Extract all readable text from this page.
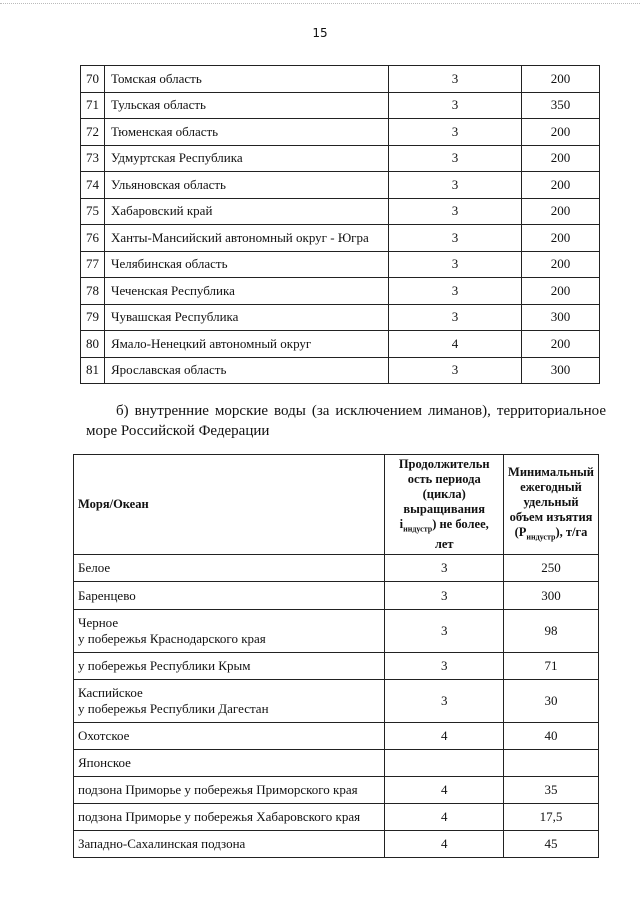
15
70	Томская область	3	200
71	Тульская область	3	350
72	Тюменская область	3	200
73	Удмуртская Республика	3	200
74	Ульяновская область	3	200
75	Хабаровский край	3	200
76	Ханты-Мансийский автономный округ - Югра	3	200
77	Челябинская область	3	200
78	Чеченская Республика	3	200
79	Чувашская Республика	3	300
80	Ямало-Ненецкий автономный округ	4	200
81	Ярославская область	3	300
б) внутренние морские воды (за исключением лиманов), территориальное море Российской Федерации
Моря/Океан	Продолжительн ость периода (цикла) выращивания $i_{индустр}$) не более, лет	Минимальный ежегодный удельный объем изъятия $(P_{индустр})$, т/га
Белое	3	250
Баренцево	3	300
Черное
у побережья Краснодарского края	3	98
у побережья Республики Крым	3	71
Каспийское
у побережья Республики Дагестан	3	30
Охотское	4	40
Японское		
подзона Приморье у побережья Приморского края	4	35
подзона Приморье у побережья Хабаровского края	4	17,5
Западно-Сахалинская подзона	4	45
